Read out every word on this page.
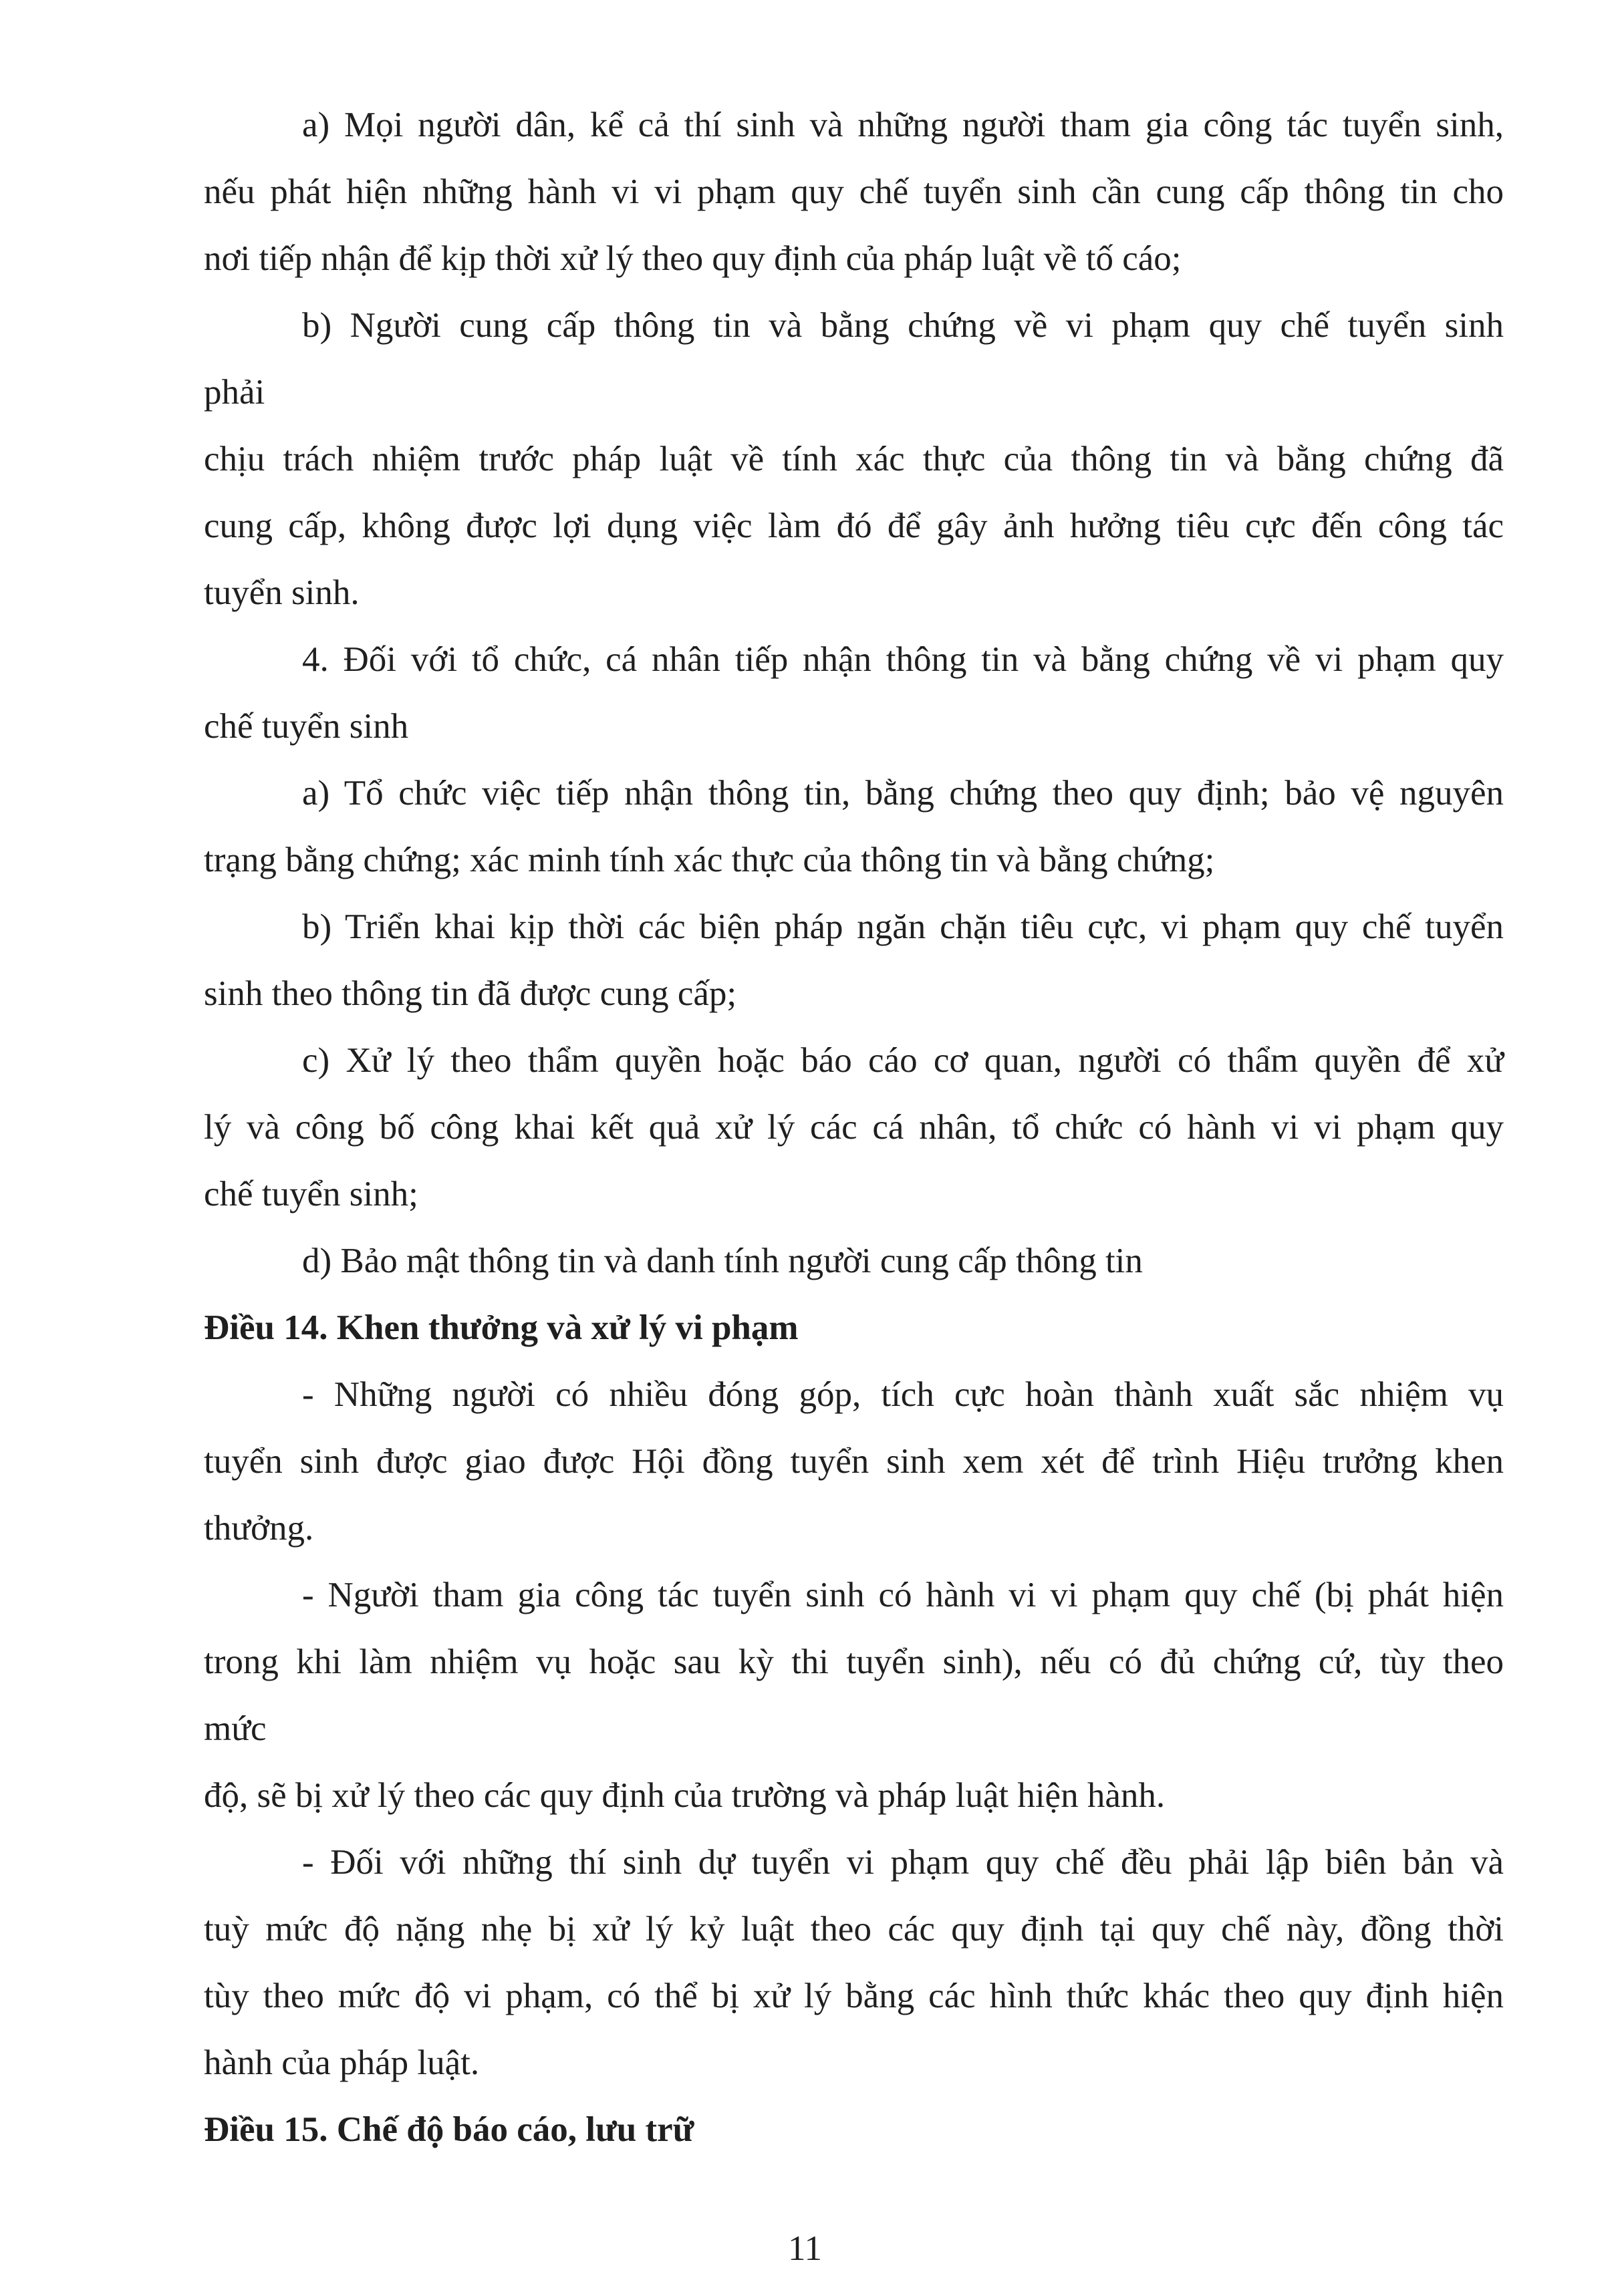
a) Mọi người dân, kể cả thí sinh và những người tham gia công tác tuyển sinh,
nếu phát hiện những hành vi vi phạm quy chế tuyển sinh cần cung cấp thông tin cho
nơi tiếp nhận để kịp thời xử lý theo quy định của pháp luật về tố cáo;
b) Người cung cấp thông tin và bằng chứng về vi phạm quy chế tuyển sinh
phải
chịu trách nhiệm trước pháp luật về tính xác thực của thông tin và bằng chứng đã
cung cấp, không được lợi dụng việc làm đó để gây ảnh hưởng tiêu cực đến công tác
tuyển sinh.
4. Đối với tổ chức, cá nhân tiếp nhận thông tin và bằng chứng về vi phạm quy
chế tuyển sinh
a) Tổ chức việc tiếp nhận thông tin, bằng chứng theo quy định; bảo vệ nguyên
trạng bằng chứng; xác minh tính xác thực của thông tin và bằng chứng;
b) Triển khai kịp thời các biện pháp ngăn chặn tiêu cực, vi phạm quy chế tuyển
sinh theo thông tin đã được cung cấp;
c) Xử lý theo thẩm quyền hoặc báo cáo cơ quan, người có thẩm quyền để xử
lý và công bố công khai kết quả xử lý các cá nhân, tổ chức có hành vi vi phạm quy
chế tuyển sinh;
d) Bảo mật thông tin và danh tính người cung cấp thông tin
Điều 14. Khen thưởng và xử lý vi phạm
- Những người có nhiều đóng góp, tích cực hoàn thành xuất sắc nhiệm vụ
tuyển sinh được giao được Hội đồng tuyển sinh xem xét để trình Hiệu trưởng khen
thưởng.
- Người tham gia công tác tuyển sinh có hành vi vi phạm quy chế (bị phát hiện
trong khi làm nhiệm vụ hoặc sau kỳ thi tuyển sinh), nếu có đủ chứng cứ, tùy theo
mức
độ, sẽ bị xử lý theo các quy định của trường và pháp luật hiện hành.
- Đối với những thí sinh dự tuyển vi phạm quy chế đều phải lập biên bản và
tuỳ mức độ nặng nhẹ bị xử lý kỷ luật theo các quy định tại quy chế này, đồng thời
tùy theo mức độ vi phạm, có thể bị xử lý bằng các hình thức khác theo quy định hiện
hành của pháp luật.
Điều 15. Chế độ báo cáo, lưu trữ
11
